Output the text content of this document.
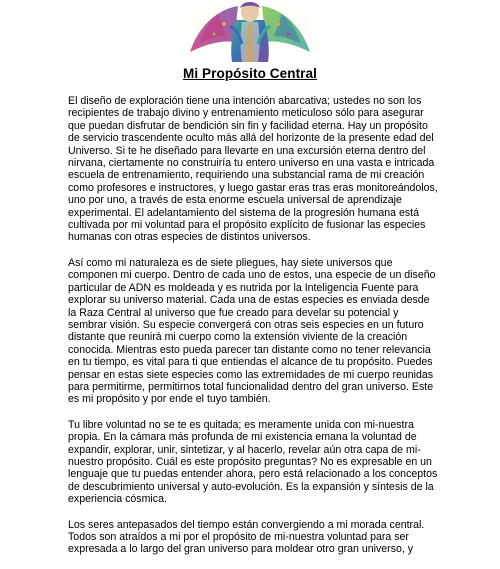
Mi Propósito Central

El diseño de exploración tiene una intención abarcativa; ustedes no son los recipientes de trabajo divino y entrenamiento meticuloso sólo para asegurar que puedan disfrutar de bendición sin fin y facilidad eterna. Hay un propósito de servicio trascendente oculto más allá del horizonte de la presente edad del Universo. Si te he diseñado para llevarte en una excursión eterna dentro del nirvana, ciertamente no construiría tu entero universo en una vasta e intricada escuela de entrenamiento, requiriendo una substancial rama de mi creación como profesores e instructores, y luego gastar eras tras eras monitoreándolos, uno por uno, a través de esta enorme escuela universal de aprendizaje experimental. El adelantamiento del sistema de la progresión humana está cultivada por mi voluntad para el propósito explícito de fusionar las especies humanas con otras especies de distintos universos.

Así como mi naturaleza es de siete pliegues, hay siete universos que componen mi cuerpo. Dentro de cada uno de estos, una especie de un diseño particular de ADN es moldeada y es nutrida por la Inteligencia Fuente para explorar su universo material. Cada una de estas especies es enviada desde la Raza Central al universo que fue creado para develar su potencial y sembrar visión. Su especie convergerá con otras seis especies en un futuro distante que reunirá mi cuerpo como la extensión viviente de la creación conocida. Mientras esto pueda parecer tan distante como no tener relevancia en tu tiempo, es vital para ti que entiendas el alcance de tu propósito. Puedes pensar en estas siete especies como las extremidades de mi cuerpo reunidas para permitirme, permitirnos total funcionalidad dentro del gran universo. Este es mi propósito y por ende el tuyo también.

Tu libre voluntad no se te es quitada; es meramente unida con mi-nuestra propia. En la cámara más profunda de mi existencia emana la voluntad de expandir, explorar, unir, sintetizar, y al hacerlo, revelar aún otra capa de mi-nuestro propósito. Cuál es este propósito preguntas? No es expresable en un lenguaje que tu puedas entender ahora, pero está relacionado a los conceptos de descubrimiento universal y auto-evolución. Es la expansión y síntesis de la experiencia cósmica.

Los seres antepasados del tiempo están convergiendo a mi morada central. Todos son atraídos a mi por el propósito de mi-nuestra voluntad para ser expresada a lo largo del gran universo para moldear otro gran universo, y
